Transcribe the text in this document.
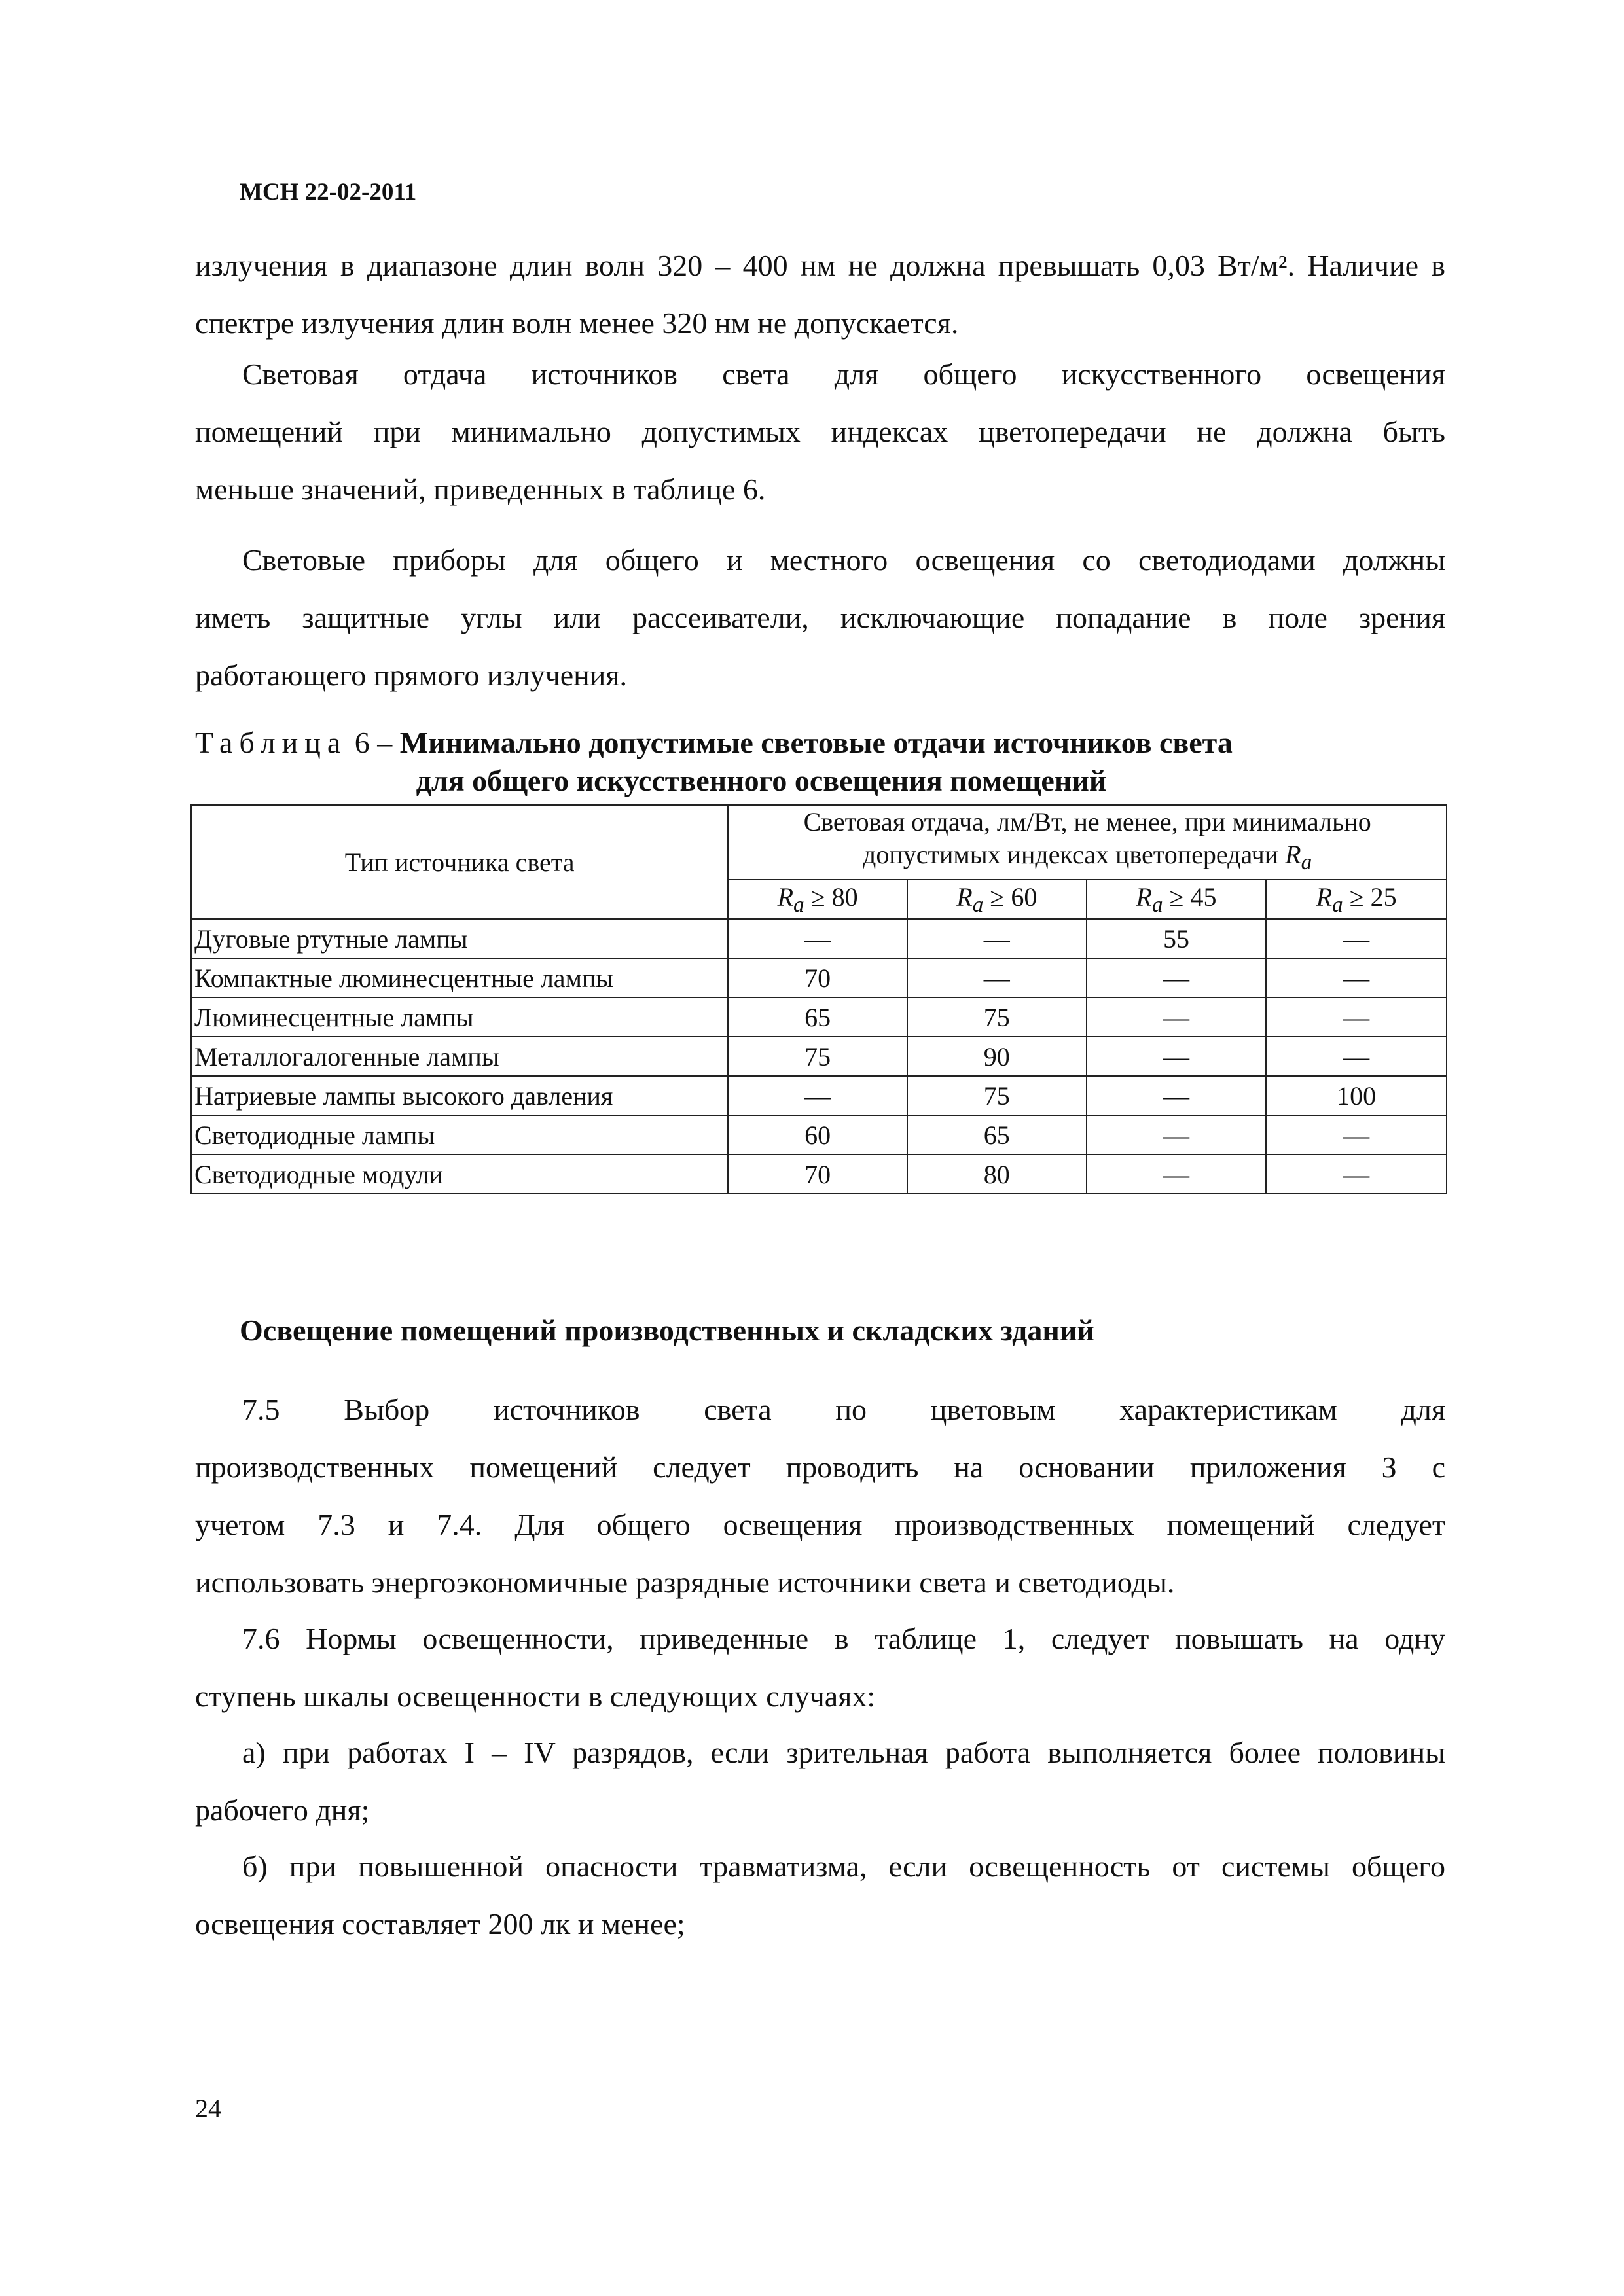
МСН 22-02-2011
излучения в диапазоне длин волн 320 – 400 нм не должна превышать 0,03 Вт/м². Наличие в
спектре излучения длин волн менее 320 нм не допускается.
Световая отдача источников света для общего искусственного освещения
помещений при минимально допустимых индексах цветопередачи не должна быть
меньше значений, приведенных в таблице 6.
Световые приборы для общего и местного освещения со светодиодами должны
иметь защитные углы или рассеиватели, исключающие попадание в поле зрения
работающего прямого излучения.
Таблица 6 – Минимально допустимые световые отдачи источников света
для общего искусственного освещения помещений
Тип источника света	Световая отдача, лм/Вт, не менее, при минимально
допустимых индексах цветопередачи $R_a$
	$R_a \ge 80$	$R_a \ge 60$	$R_a \ge 45$	$R_a \ge 25$
Дуговые ртутные лампы	—	—	55	—
Компактные люминесцентные лампы	70	—	—	—
Люминесцентные лампы	65	75	—	—
Металлогалогенные лампы	75	90	—	—
Натриевые лампы высокого давления	—	75	—	100
Светодиодные лампы	60	65	—	—
Светодиодные модули	70	80	—	—
Освещение помещений производственных и складских зданий
7.5 Выбор источников света по цветовым характеристикам для
производственных помещений следует проводить на основании приложения З с
учетом 7.3 и 7.4. Для общего освещения производственных помещений следует
использовать энергоэкономичные разрядные источники света и светодиоды.
7.6 Нормы освещенности, приведенные в таблице 1, следует повышать на одну
ступень шкалы освещенности в следующих случаях:
а) при работах I – IV разрядов, если зрительная работа выполняется более половины
рабочего дня;
б) при повышенной опасности травматизма, если освещенность от системы общего
освещения составляет 200 лк и менее;
24
